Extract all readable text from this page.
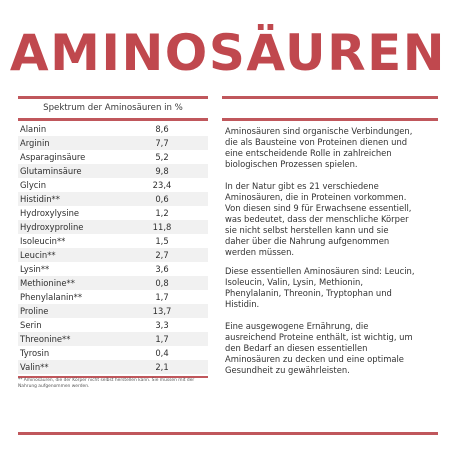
AMINOSÄUREN
Spektrum der Aminosäuren in %
Alanin	8,6
Arginin	7,7
Asparaginsäure	5,2
Glutaminsäure	9,8
Glycin	23,4
Histidin**	0,6
Hydroxylysine	1,2
Hydroxyproline	11,8
Isoleucin**	1,5
Leucin**	2,7
Lysin**	3,6
Methionine**	0,8
Phenylalanin**	1,7
Proline	13,7
Serin	3,3
Threonine**	1,7
Tyrosin	0,4
Valin**	2,1
** Aminosäuren, die der Körper nicht selbst herstellen kann. Sie müssen mit der Nahrung aufgenommen werden.
Aminosäuren sind organische Verbindungen, die als Bausteine von Proteinen dienen und eine entscheidende Rolle in zahlreichen biologischen Prozessen spielen.
In der Natur gibt es 21 verschiedene Aminosäuren, die in Proteinen vorkommen. Von diesen sind 9 für Erwachsene essentiell, was bedeutet, dass der menschliche Körper sie nicht selbst herstellen kann und sie daher über die Nahrung aufgenommen werden müssen.
Diese essentiellen Aminosäuren sind: Leucin, Isoleucin, Valin, Lysin, Methionin, Phenylalanin, Threonin, Tryptophan und Histidin.
Eine ausgewogene Ernährung, die ausreichend Proteine enthält, ist wichtig, um den Bedarf an diesen essentiellen Aminosäuren zu decken und eine optimale Gesundheit zu gewährleisten.
